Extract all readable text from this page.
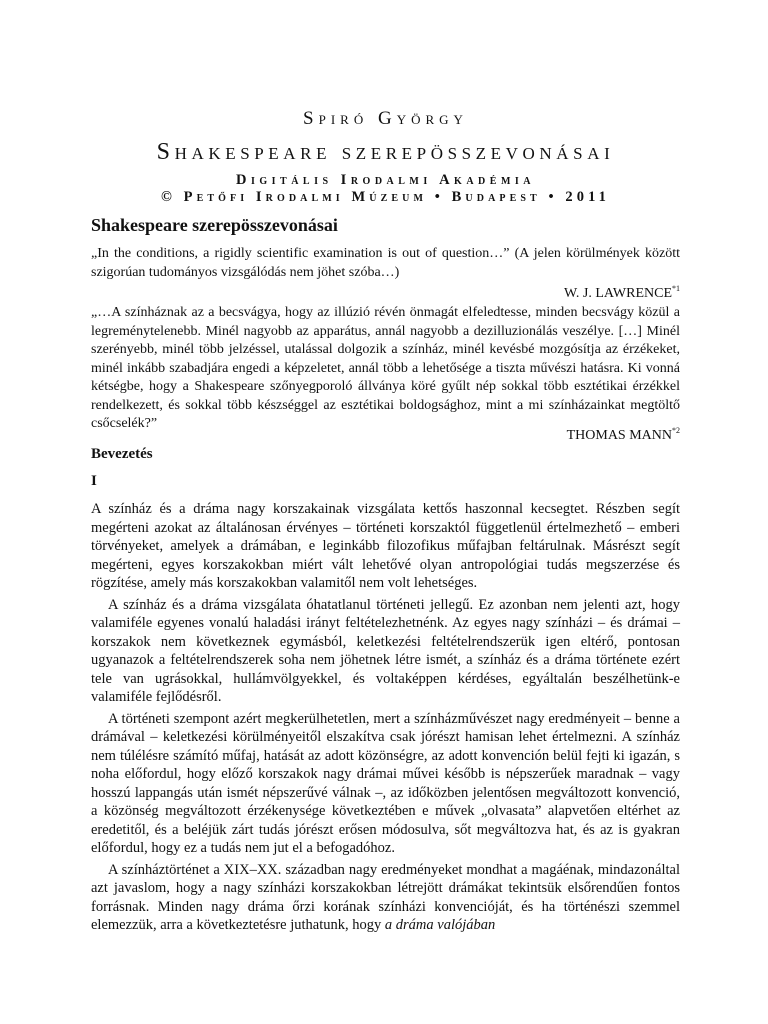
Spiró György
Shakespeare szerepösszevonásai
Digitális Irodalmi Akadémia
© Petőfi Irodalmi Múzeum • Budapest • 2011
Shakespeare szerepösszevonásai
„In the conditions, a rigidly scientific examination is out of question…” (A jelen körülmények között szigorúan tudományos vizsgálódás nem jöhet szóba…)
W. J. LAWRENCE$^{*1}$
„…A színháznak az a becsvágya, hogy az illúzió révén önmagát elfeledtesse, minden becsvágy közül a legreménytelenebb. Minél nagyobb az apparátus, annál nagyobb a dezilluzionálás veszélye. […] Minél szerényebb, minél több jelzéssel, utalással dolgozik a színház, minél kevésbé mozgósítja az érzékeket, minél inkább szabadjára engedi a képzeletet, annál több a lehetősége a tiszta művészi hatásra. Ki vonná kétségbe, hogy a Shakespeare szőnyegporoló állványa köré gyűlt nép sokkal több esztétikai érzékkel rendelkezett, és sokkal több készséggel az esztétikai boldogsághoz, mint a mi színházainkat megtöltő csőcselék?”
THOMAS MANN$^{*2}$
Bevezetés
I

A színház és a dráma nagy korszakainak vizsgálata kettős haszonnal kecsegtet. Részben segít megérteni azokat az általánosan érvényes – történeti korszaktól függetlenül értelmezhető – emberi törvényeket, amelyek a drámában, e leginkább filozofikus műfajban feltárulnak. Másrészt segít megérteni, egyes korszakokban miért vált lehetővé olyan antropológiai tudás megszerzése és rögzítése, amely más korszakokban valamitől nem volt lehetséges.

A színház és a dráma vizsgálata óhatatlanul történeti jellegű. Ez azonban nem jelenti azt, hogy valamiféle egyenes vonalú haladási irányt feltételezhetnénk. Az egyes nagy színházi – és drámai – korszakok nem következnek egymásból, keletkezési feltételrendszerük igen eltérő, pontosan ugyanazok a feltételrendszerek soha nem jöhetnek létre ismét, a színház és a dráma története ezért tele van ugrásokkal, hullámvölgyekkel, és voltaképpen kérdéses, egyáltalán beszélhetünk-e valamiféle fejlődésről.

A történeti szempont azért megkerülhetetlen, mert a színházművészet nagy eredményeit – benne a drámával – keletkezési körülményeitől elszakítva csak jórészt hamisan lehet értelmezni. A színház nem túlélésre számító műfaj, hatását az adott közönségre, az adott konvención belül fejti ki igazán, s noha előfordul, hogy előző korszakok nagy drámai művei később is népszerűek maradnak – vagy hosszú lappangás után ismét népszerűvé válnak –, az időközben jelentősen megváltozott konvenció, a közönség megváltozott érzékenysége következtében e művek „olvasata” alapvetően eltérhet az eredetitől, és a beléjük zárt tudás jórészt erősen módosulva, sőt megváltozva hat, és az is gyakran előfordul, hogy ez a tudás nem jut el a befogadóhoz.

A színháztörténet a XIX–XX. században nagy eredményeket mondhat a magáénak, mindazonáltal azt javaslom, hogy a nagy színházi korszakokban létrejött drámákat tekintsük elsőrendűen fontos forrásnak. Minden nagy dráma őrzi korának színházi konvencióját, és ha történészi szemmel elemezzük, arra a következtetésre juthatunk, hogy a dráma valójában
